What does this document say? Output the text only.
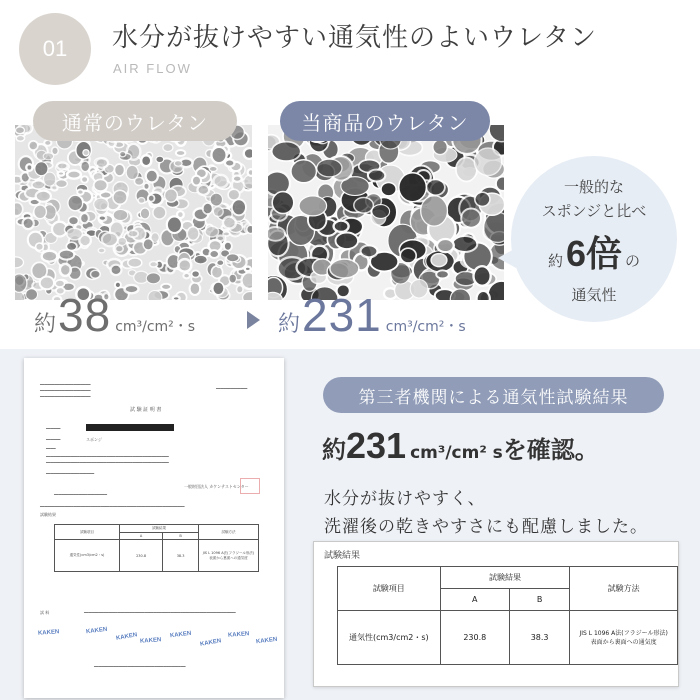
01 水分が抜けやすい通気性のよいウレタン
AIR FLOW
通常のウレタン	当商品のウレタン
約 38 cm³/cm²・s	約 231 cm³/cm²・s
一般的な
スポンジと比べ
約 6倍 の
通気性
━━━━━━━━━━━━━━━━━━━━━
━━━━━━━━━━━━━━━━━━━━━
━━━━━━━━━━━━━━━━━━━━━
━━━━━━━━━━━━━
試 験 証 明 書
━━━━━━
━━━━━━	スポンジ
━━━━
━━━━━━━━━━━━━━━━━━━━━━━━━━━━━━━━━━━━━━━━━━━━━━━━━━━
━━━━━━━━━━━━━━━━━━━━━━━━━━━━━━━━━━━━━━━━━━━━━━━━━━━
━━━━━━━━━━━━━━━━━━━━
一般財団法人 カケンテストセンター
━━━━━━━━━━━━━━━━━━━━━━
━━━━━━━━━━━━━━━━━━━━━━━━━━━━━━━━━━━━━━━━━━━━━━━━━━━━━━━━━━━━
試験結果
試験項目	試験結果		試験方法
	A	B	
通気性(cm3/cm2・s)	230.8	38.3	JIS L 1096 A法(フラジール形法)
表面から裏面への通気度
試 料	━━━━━━━━━━━━━━━━━━━━━━━━━━━━━━━━━━━━━━━━━━━━━━━━━━━━━━━━━━━━━━━
KAKEN	KAKEN
KAKEN KAKEN
KAKEN
KAKEN
KAKEN
KAKEN
━━━━━━━━━━━━━━━━━━━━━━━━━━━━━━━━━━━━━━
第三者機関による通気性試験結果
約 231 cm³/cm² s を確認。
水分が抜けやすく、
洗濯後の乾きやすさにも配慮しました。
試験結果
試験項目	試験結果		試験方法
	A	B	
通気性(cm3/cm2・s)	230.8	38.3	JIS L 1096 A法(フラジール形法)
表面から裏面への通気度
